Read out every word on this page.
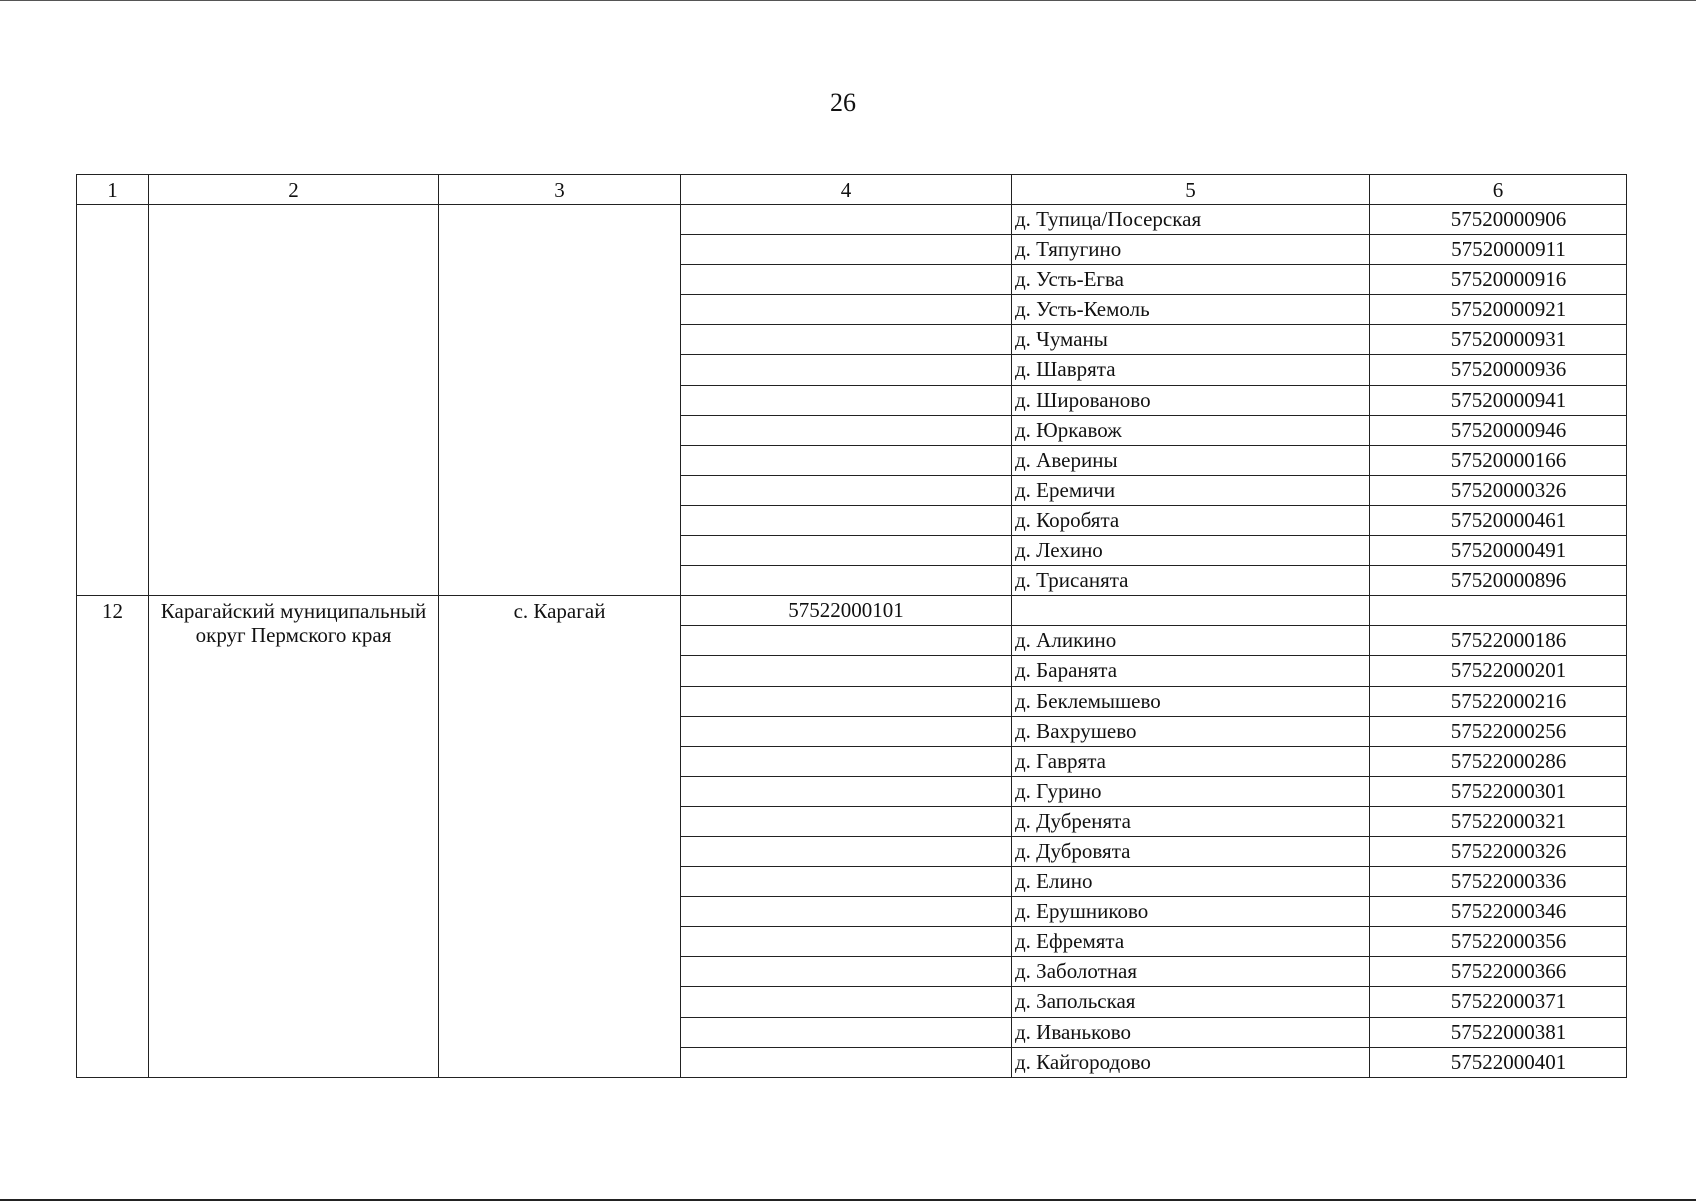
26
1	2	3	4	5	6
				д. Тупица/Посерская	57520000906
				д. Тяпугино	57520000911
				д. Усть-Егва	57520000916
				д. Усть-Кемоль	57520000921
				д. Чуманы	57520000931
				д. Шаврята	57520000936
				д. Шированово	57520000941
				д. Юркавож	57520000946
				д. Аверины	57520000166
				д. Еремичи	57520000326
				д. Коробята	57520000461
				д. Лехино	57520000491
				д. Трисанята	57520000896
12	Карагайский муниципальный округ Пермского края	с. Карагай	57522000101		
				д. Аликино	57522000186
				д. Баранята	57522000201
				д. Беклемышево	57522000216
				д. Вахрушево	57522000256
				д. Гаврята	57522000286
				д. Гурино	57522000301
				д. Дубренята	57522000321
				д. Дубровята	57522000326
				д. Елино	57522000336
				д. Ерушниково	57522000346
				д. Ефремята	57522000356
				д. Заболотная	57522000366
				д. Запольская	57522000371
				д. Иваньково	57522000381
				д. Кайгородово	57522000401
